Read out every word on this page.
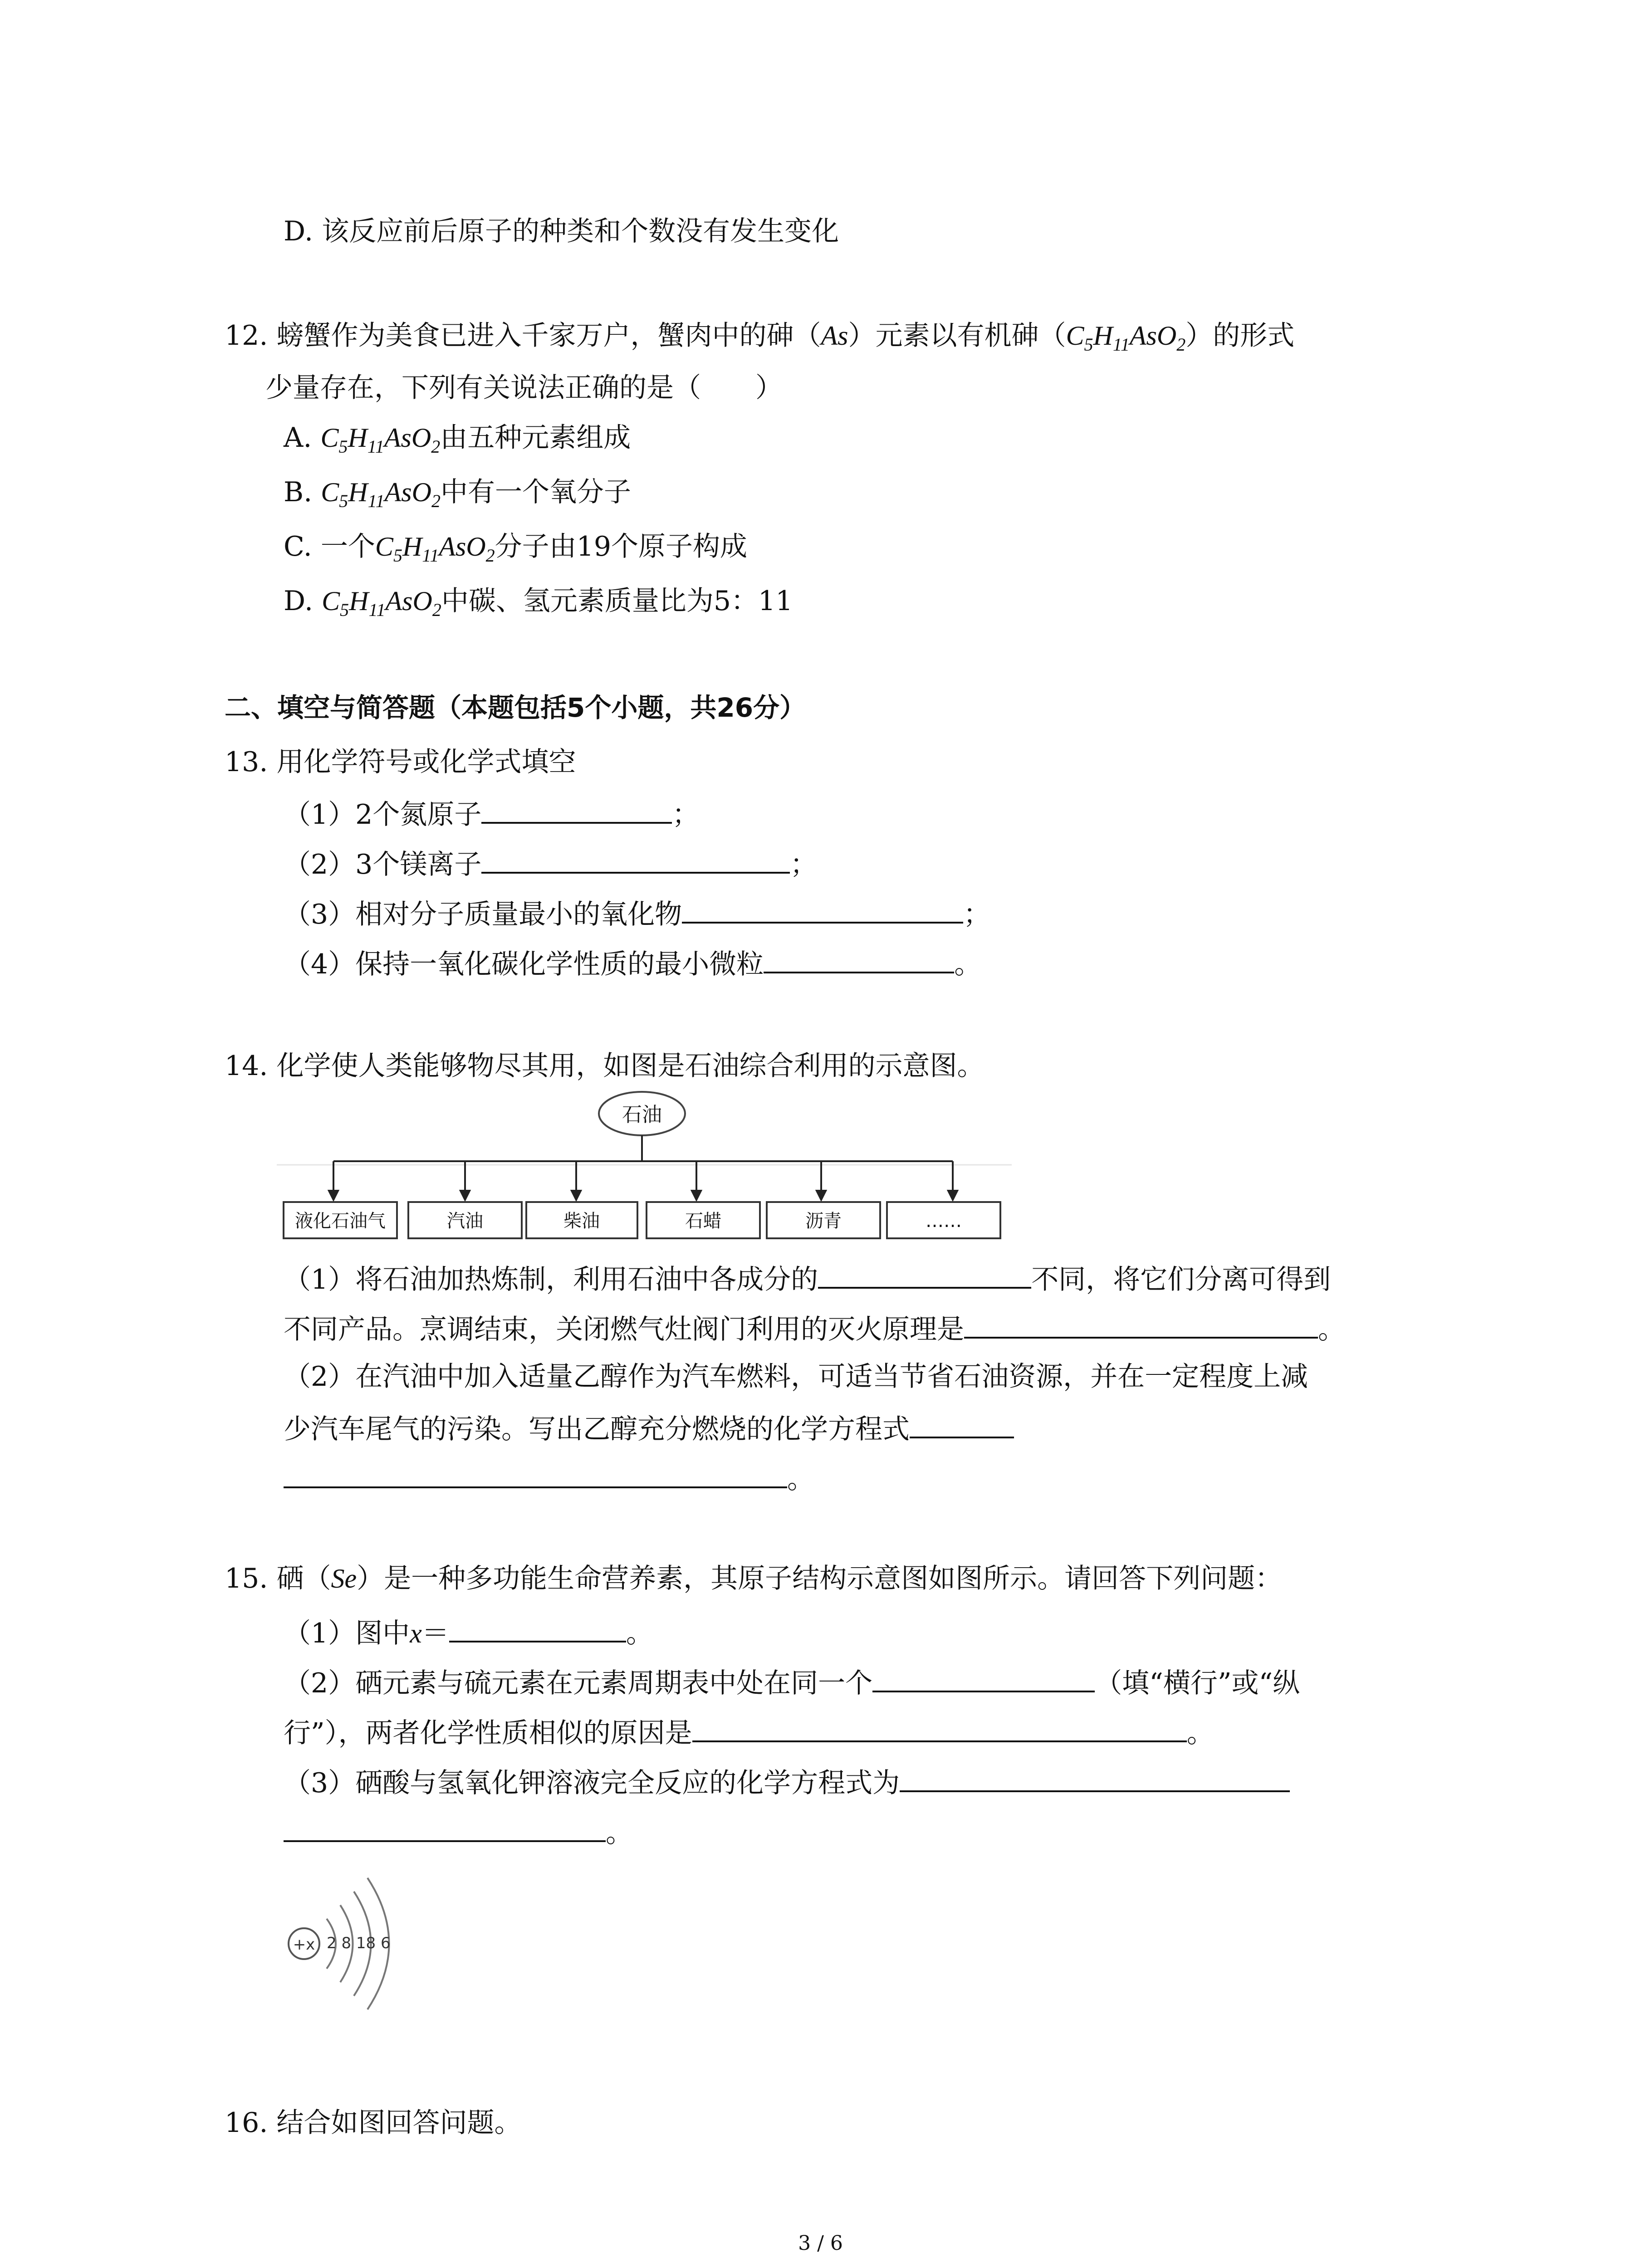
D. 该反应前后原子的种类和个数没有发生变化
12. 螃蟹作为美食已进入千家万户，蟹肉中的砷（As）元素以有机砷$(C_5H_{11}AsO_2)$的形式
少量存在，下列有关说法正确的是（　　）
A. $C_5H_{11}AsO_2$由五种元素组成
B. $C_5H_{11}AsO_2$中有一个氧分子
C. 一个$C_5H_{11}AsO_2$分子由19个原子构成
D. $C_5H_{11}AsO_2$中碳、氢元素质量比为5：11
二、填空与简答题（本题包括5个小题，共26分）
13. 用化学符号或化学式填空
（1）2个氮原子	；
（2）3个镁离子	；
（3）相对分子质量最小的氧化物	；
（4）保持一氧化碳化学性质的最小微粒	。
14. 化学使人类能够物尽其用，如图是石油综合利用的示意图。
石油
液化石油气	汽油	柴油	石蜡	沥青	……
（1）将石油加热炼制，利用石油中各成分的	不同，将它们分离可得到
不同产品。烹调结束，关闭燃气灶阀门利用的灭火原理是	。
（2）在汽油中加入适量乙醇作为汽车燃料，可适当节省石油资源，并在一定程度上减
少汽车尾气的污染。写出乙醇充分燃烧的化学方程式
。
15. 硒（Se）是一种多功能生命营养素，其原子结构示意图如图所示。请回答下列问题：
（1）图中x＝	。
（2）硒元素与硫元素在元素周期表中处在同一个	（填“横行”或“纵
行”），两者化学性质相似的原因是	。
（3）硒酸与氢氧化钾溶液完全反应的化学方程式为
。
+x 2 8 18 6
16. 结合如图回答问题。
3 / 6
